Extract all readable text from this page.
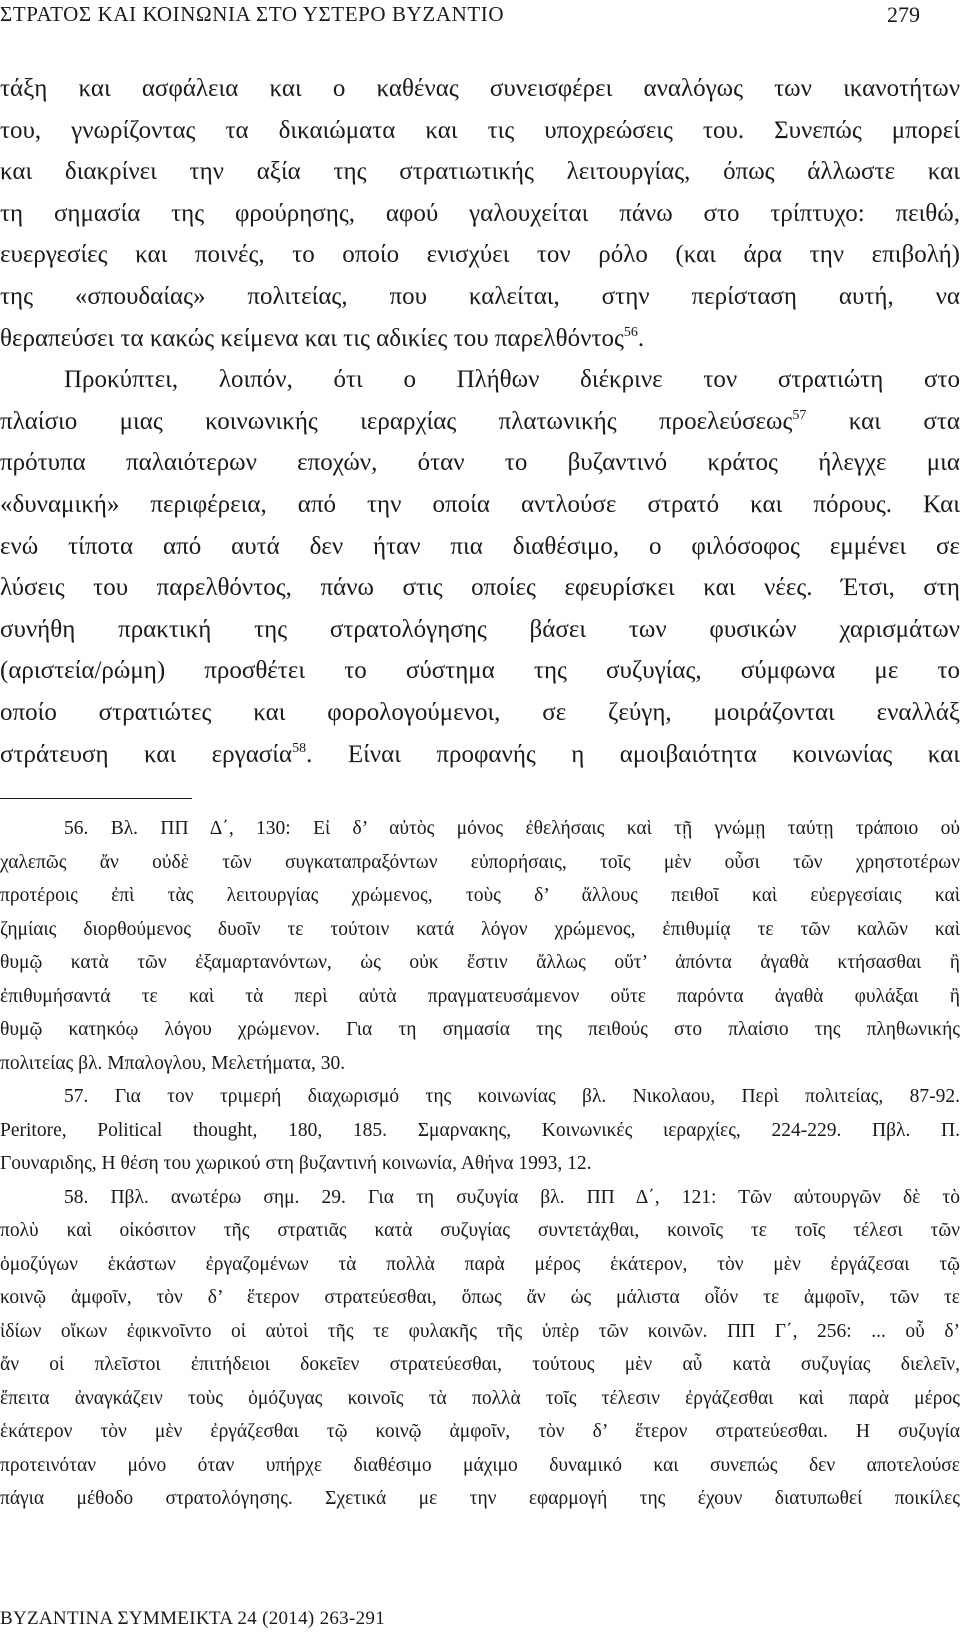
ΣΤΡΑΤΟΣ ΚΑΙ ΚΟΙΝΩΝΙΑ ΣΤΟ ΥΣΤΕΡΟ ΒΥΖΑΝΤΙΟ	279
τάξη και ασφάλεια και ο καθένας συνεισφέρει αναλόγως των ικανοτήτων
του, γνωρίζοντας τα δικαιώματα και τις υποχρεώσεις του. Συνεπώς μπορεί
και διακρίνει την αξία της στρατιωτικής λειτουργίας, όπως άλλωστε και
τη σημασία της φρούρησης, αφού γαλουχείται πάνω στο τρίπτυχο: πειθώ,
ευεργεσίες και ποινές, το οποίο ενισχύει τον ρόλο (και άρα την επιβολή)
της «σπουδαίας» πολιτείας, που καλείται, στην περίσταση αυτή, να
θεραπεύσει τα κακώς κείμενα και τις αδικίες του παρελθόντος$^{56}$.
Προκύπτει, λοιπόν, ότι ο Πλήθων διέκρινε τον στρατιώτη στο
πλαίσιο μιας κοινωνικής ιεραρχίας πλατωνικής προελεύσεως$^{57}$ και στα
πρότυπα παλαιότερων εποχών, όταν το βυζαντινό κράτος ήλεγχε μια
«δυναμική» περιφέρεια, από την οποία αντλούσε στρατό και πόρους. Και
ενώ τίποτα από αυτά δεν ήταν πια διαθέσιμο, ο φιλόσοφος εμμένει σε
λύσεις του παρελθόντος, πάνω στις οποίες εφευρίσκει και νέες. Έτσι, στη
συνήθη πρακτική της στρατολόγησης βάσει των φυσικών χαρισμάτων
(αριστεία/ρώμη) προσθέτει το σύστημα της συζυγίας, σύμφωνα με το
οποίο στρατιώτες και φορολογούμενοι, σε ζεύγη, μοιράζονται εναλλάξ
στράτευση και εργασία$^{58}$. Είναι προφανής η αμοιβαιότητα κοινωνίας και
56. Βλ. ΠΠ Δ΄, 130: Εἰ δ’ αὐτὸς μόνος ἐθελήσαις καὶ τῇ γνώμῃ ταύτῃ τράποιο οὐ
χαλεπῶς ἄν οὐδὲ τῶν συγκαταπραξόντων εὐπορήσαις, τοῖς μὲν οὖσι τῶν χρηστοτέρων
προτέροις ἐπὶ τὰς λειτουργίας χρώμενος, τοὺς δ’ ἄλλους πειθοῖ καὶ εὐεργεσίαις καὶ
ζημίαις διορθούμενος δυοῖν τε τούτοιν κατά λόγον χρώμενος, ἐπιθυμίᾳ τε τῶν καλῶν καὶ
θυμῷ κατὰ τῶν ἐξαμαρτανόντων, ὡς οὐκ ἔστιν ἄλλως οὔτ’ ἀπόντα ἀγαθὰ κτήσασθαι ἢ
ἐπιθυμήσαντά τε καὶ τὰ περὶ αὐτὰ πραγματευσάμενον οὔτε παρόντα ἀγαθὰ φυλάξαι ἢ
θυμῷ κατηκόῳ λόγου χρώμενον. Για τη σημασία της πειθούς στο πλαίσιο της πληθωνικής
πολιτείας βλ. Μπαλογλου, Μελετήματα, 30.
57. Για τον τριμερή διαχωρισμό της κοινωνίας βλ. Νικολαου, Περὶ πολιτείας, 87-92.
Peritore, Political thought, 180, 185. Σμαρνακης, Κοινωνικές ιεραρχίες, 224-229. Πβλ. Π.
Γουναριδης, Η θέση του χωρικού στη βυζαντινή κοινωνία, Αθήνα 1993, 12.
58. Πβλ. ανωτέρω σημ. 29. Για τη συζυγία βλ. ΠΠ Δ΄, 121: Τῶν αὐτουργῶν δὲ τὸ
πολὺ καὶ οἰκόσιτον τῆς στρατιᾶς κατὰ συζυγίας συντετάχθαι, κοινοῖς τε τοῖς τέλεσι τῶν
ὁμοζύγων ἑκάστων ἐργαζομένων τὰ πολλὰ παρὰ μέρος ἑκάτερον, τὸν μὲν ἐργάζεσαι τῷ
κοινῷ ἀμφοῖν, τὸν δ’ ἕτερον στρατεύεσθαι, ὅπως ἄν ὡς μάλιστα οἷόν τε ἀμφοῖν, τῶν τε
ἰδίων οἴκων ἐφικνοῖντο οἱ αὐτοὶ τῆς τε φυλακῆς τῆς ὑπὲρ τῶν κοινῶν. ΠΠ Γ΄, 256: ... οὗ δ’
ἄν οἱ πλεῖστοι ἐπιτήδειοι δοκεῖεν στρατεύεσθαι, τούτους μὲν αὖ κατὰ συζυγίας διελεῖν,
ἔπειτα ἀναγκάζειν τοὺς ὁμόζυγας κοινοῖς τὰ πολλὰ τοῖς τέλεσιν ἐργάζεσθαι καὶ παρὰ μέρος
ἑκάτερον τὸν μὲν ἐργάζεσθαι τῷ κοινῷ ἀμφοῖν, τὸν δ’ ἕτερον στρατεύεσθαι. Η συζυγία
προτεινόταν μόνο όταν υπήρχε διαθέσιμο μάχιμο δυναμικό και συνεπώς δεν αποτελούσε
πάγια μέθοδο στρατολόγησης. Σχετικά με την εφαρμογή της έχουν διατυπωθεί ποικίλες
ΒΥΖΑΝΤΙΝΑ ΣΥΜΜΕΙΚΤΑ 24 (2014) 263-291
